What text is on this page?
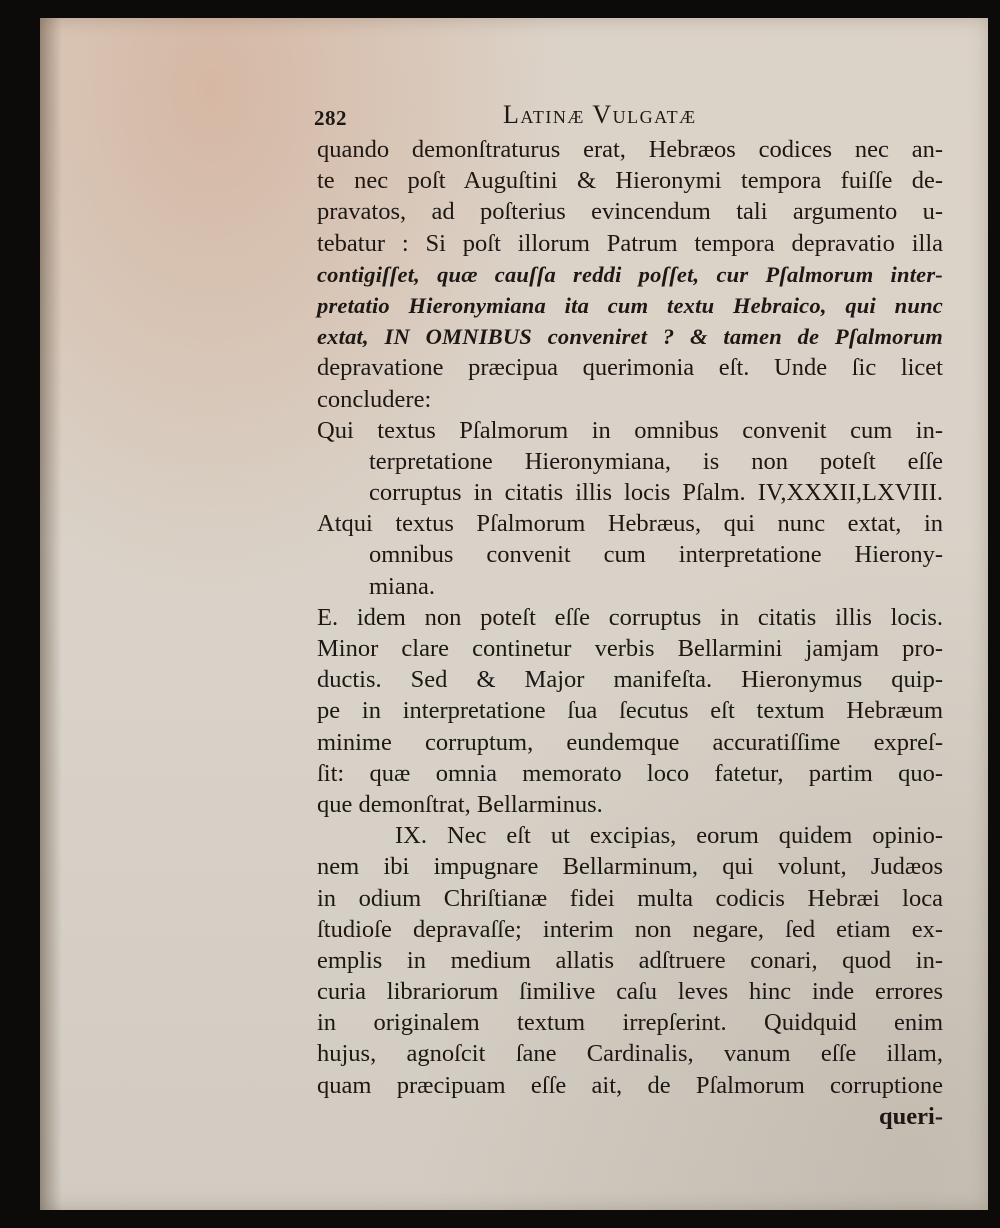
282	Latinæ Vulgatæ
quando demonſtraturus erat, Hebræos codices nec an-
te nec poſt Auguſtini & Hieronymi tempora fuiſſe de-
pravatos, ad poſterius evincendum tali argumento u-
tebatur : Si poſt illorum Patrum tempora depravatio illa
contigiſſet, quæ cauſſa reddi poſſet, cur Pſalmorum inter-
pretatio Hieronymiana ita cum textu Hebraico, qui nunc
extat, IN OMNIBUS conveniret ? & tamen de Pſalmorum
depravatione præcipua querimonia eſt. Unde ſic licet
concludere:
Qui textus Pſalmorum in omnibus convenit cum in-
terpretatione Hieronymiana, is non poteſt eſſe
corruptus in citatis illis locis Pſalm. IV,XXXII,LXVIII.
Atqui textus Pſalmorum Hebræus, qui nunc extat, in
omnibus convenit cum interpretatione Hierony-
miana.
E. idem non poteſt eſſe corruptus in citatis illis locis.
Minor clare continetur verbis Bellarmini jamjam pro-
ductis. Sed & Major manifeſta. Hieronymus quip-
pe in interpretatione ſua ſecutus eſt textum Hebræum
minime corruptum, eundemque accuratiſſime expreſ-
ſit: quæ omnia memorato loco fatetur, partim quo-
que demonſtrat, Bellarminus.
IX. Nec eſt ut excipias, eorum quidem opinio-
nem ibi impugnare Bellarminum, qui volunt, Judæos
in odium Chriſtianæ fidei multa codicis Hebræi loca
ſtudioſe depravaſſe; interim non negare, ſed etiam ex-
emplis in medium allatis adſtruere conari, quod in-
curia librariorum ſimilive caſu leves hinc inde errores
in originalem textum irrepſerint. Quidquid enim
hujus, agnoſcit ſane Cardinalis, vanum eſſe illam,
quam præcipuam eſſe ait, de Pſalmorum corruptione
queri-
